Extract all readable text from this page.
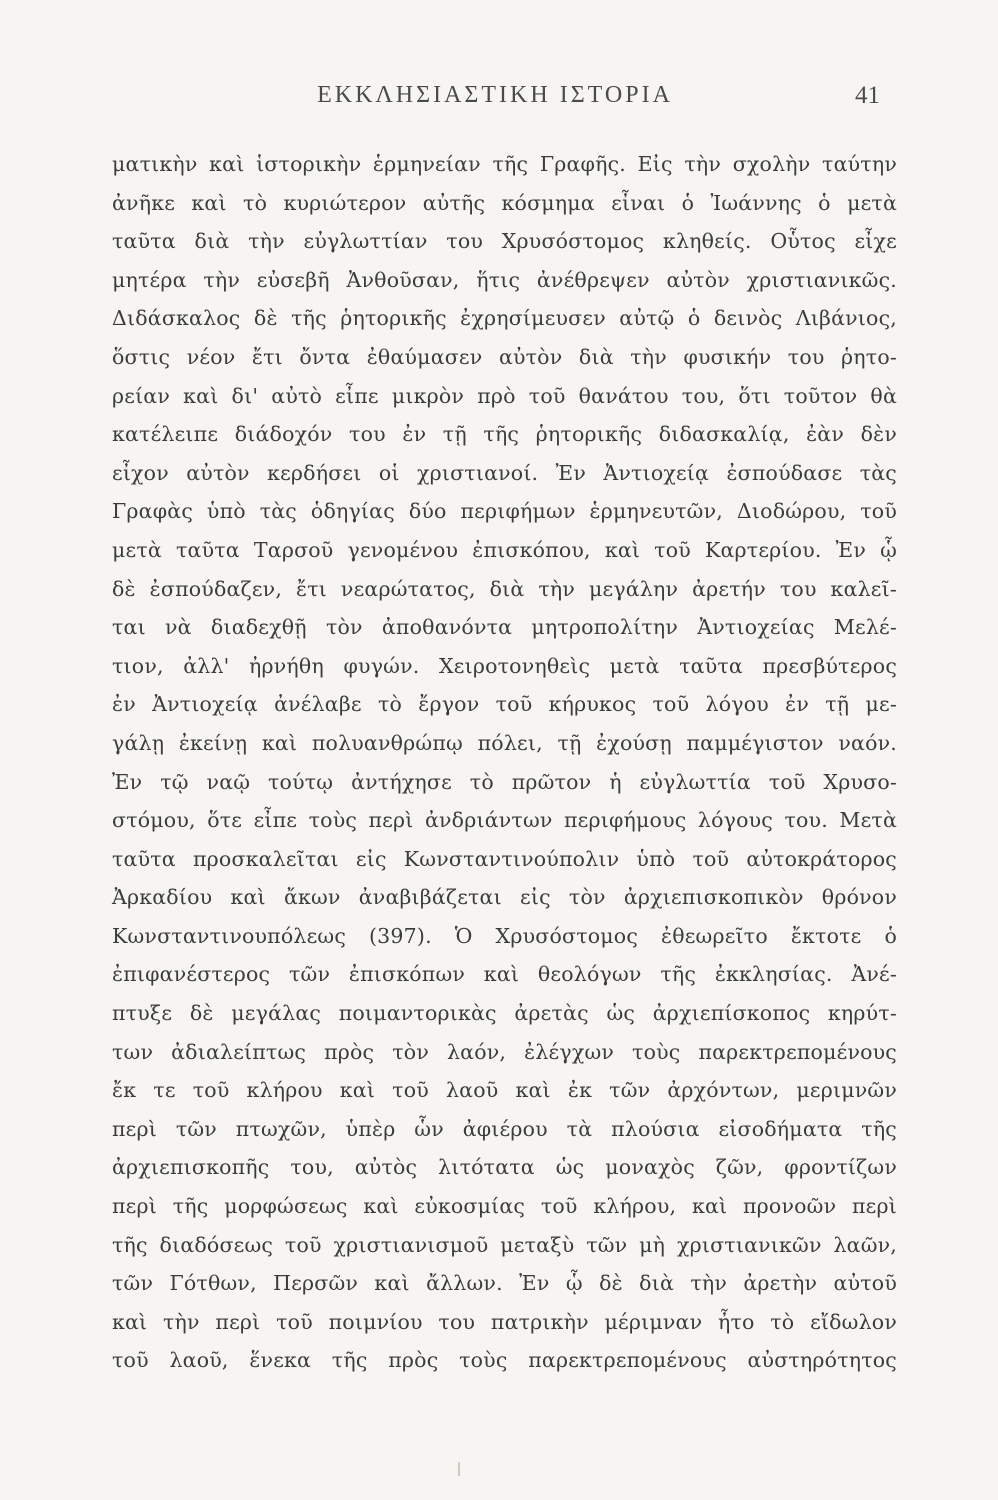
ΕΚΚΛΗΣΙΑΣΤΙΚΗ ΙΣΤΟΡΙΑ	41
ματικὴν καὶ ἱστορικὴν ἑρμηνείαν τῆς Γραφῆς. Εἰς τὴν σχολὴν ταύτην
ἀνῆκε καὶ τὸ κυριώτερον αὐτῆς κόσμημα εἶναι ὁ Ἰωάννης ὁ μετὰ
ταῦτα διὰ τὴν εὐγλωττίαν του Χρυσόστομος κληθείς. Οὗτος εἶχε
μητέρα τὴν εὐσεβῆ Ἀνθοῦσαν, ἥτις ἀνέθρεψεν αὐτὸν χριστιανικῶς.
Διδάσκαλος δὲ τῆς ῥητορικῆς ἐχρησίμευσεν αὐτῷ ὁ δεινὸς Λιβάνιος,
ὅστις νέον ἔτι ὄντα ἐθαύμασεν αὐτὸν διὰ τὴν φυσικήν του ῥητο-
ρείαν καὶ δι' αὐτὸ εἶπε μικρὸν πρὸ τοῦ θανάτου του, ὅτι τοῦτον θὰ
κατέλειπε διάδοχόν του ἐν τῇ τῆς ῥητορικῆς διδασκαλίᾳ, ἐὰν δὲν
εἶχον αὐτὸν κερδήσει οἱ χριστιανοί. Ἐν Ἀντιοχείᾳ ἐσπούδασε τὰς
Γραφὰς ὑπὸ τὰς ὁδηγίας δύο περιφήμων ἑρμηνευτῶν, Διοδώρου, τοῦ
μετὰ ταῦτα Ταρσοῦ γενομένου ἐπισκόπου, καὶ τοῦ Καρτερίου. Ἐν ᾧ
δὲ ἐσπούδαζεν, ἔτι νεαρώτατος, διὰ τὴν μεγάλην ἀρετήν του καλεῖ-
ται νὰ διαδεχθῇ τὸν ἀποθανόντα μητροπολίτην Ἀντιοχείας Μελέ-
τιον, ἀλλ' ἠρνήθη φυγών. Χειροτονηθεὶς μετὰ ταῦτα πρεσβύτερος
ἐν Ἀντιοχείᾳ ἀνέλαβε τὸ ἔργον τοῦ κήρυκος τοῦ λόγου ἐν τῇ με-
γάλῃ ἐκείνῃ καὶ πολυανθρώπῳ πόλει, τῇ ἐχούσῃ παμμέγιστον ναόν.
Ἐν τῷ ναῷ τούτῳ ἀντήχησε τὸ πρῶτον ἡ εὐγλωττία τοῦ Χρυσο-
στόμου, ὅτε εἶπε τοὺς περὶ ἀνδριάντων περιφήμους λόγους του. Μετὰ
ταῦτα προσκαλεῖται εἰς Κωνσταντινούπολιν ὑπὸ τοῦ αὐτοκράτορος
Ἀρκαδίου καὶ ἄκων ἀναβιβάζεται εἰς τὸν ἀρχιεπισκοπικὸν θρόνον
Κωνσταντινουπόλεως (397). Ὁ Χρυσόστομος ἐθεωρεῖτο ἔκτοτε ὁ
ἐπιφανέστερος τῶν ἐπισκόπων καὶ θεολόγων τῆς ἐκκλησίας. Ἀνέ-
πτυξε δὲ μεγάλας ποιμαντορικὰς ἀρετὰς ὡς ἀρχιεπίσκοπος κηρύτ-
των ἀδιαλείπτως πρὸς τὸν λαόν, ἐλέγχων τοὺς παρεκτρεπομένους
ἔκ τε τοῦ κλήρου καὶ τοῦ λαοῦ καὶ ἐκ τῶν ἀρχόντων, μεριμνῶν
περὶ τῶν πτωχῶν, ὑπὲρ ὧν ἀφιέρου τὰ πλούσια εἰσοδήματα τῆς
ἀρχιεπισκοπῆς του, αὐτὸς λιτότατα ὡς μοναχὸς ζῶν, φροντίζων
περὶ τῆς μορφώσεως καὶ εὐκοσμίας τοῦ κλήρου, καὶ προνοῶν περὶ
τῆς διαδόσεως τοῦ χριστιανισμοῦ μεταξὺ τῶν μὴ χριστιανικῶν λαῶν,
τῶν Γότθων, Περσῶν καὶ ἄλλων. Ἐν ᾧ δὲ διὰ τὴν ἀρετὴν αὐτοῦ
καὶ τὴν περὶ τοῦ ποιμνίου του πατρικὴν μέριμναν ἦτο τὸ εἴδωλον
τοῦ λαοῦ, ἕνεκα τῆς πρὸς τοὺς παρεκτρεπομένους αὐστηρότητος
